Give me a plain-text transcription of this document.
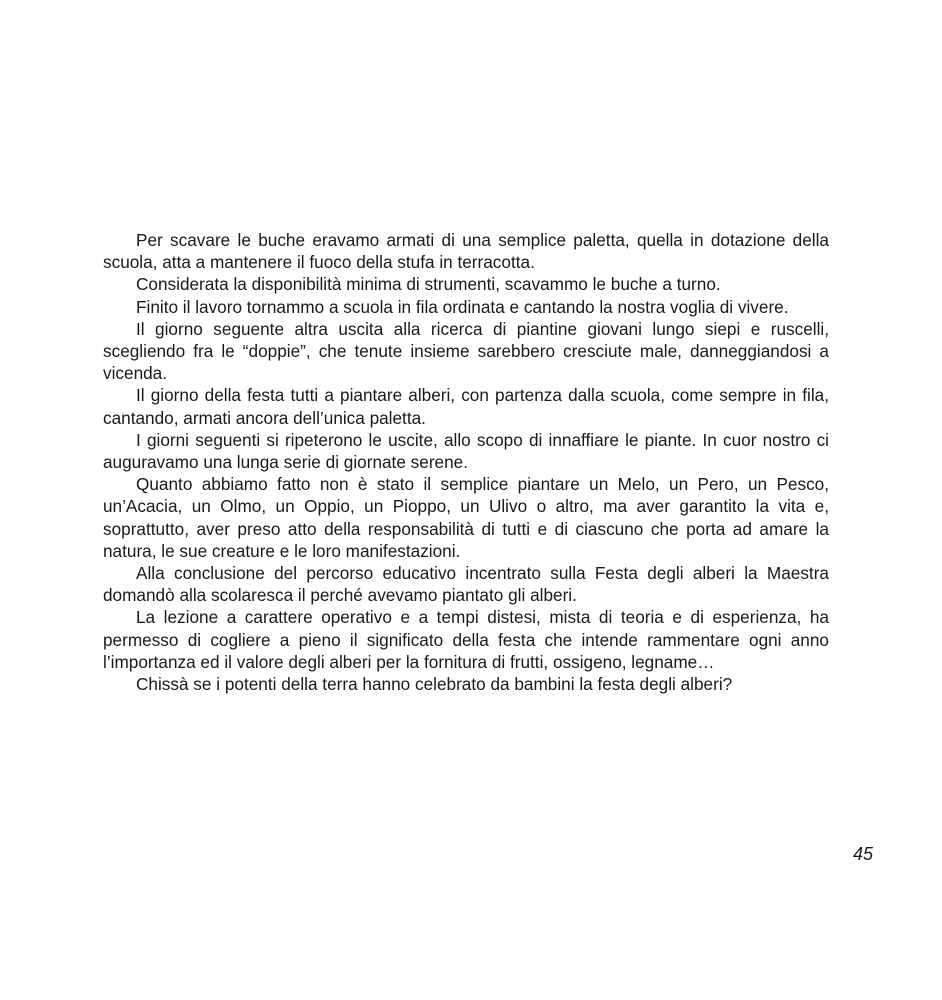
Per scavare le buche eravamo armati di una semplice paletta, quella in dotazione della scuola, atta a mantenere il fuoco della stufa in terracotta.

Considerata la disponibilità minima di strumenti, scavammo le buche a turno.

Finito il lavoro tornammo a scuola in fila ordinata e cantando la nostra voglia di vivere.

Il giorno seguente altra uscita alla ricerca di piantine giovani lungo siepi e ruscelli, scegliendo fra le “doppie”, che tenute insieme sarebbero cresciute male, danneggiandosi a vicenda.

Il giorno della festa tutti a piantare alberi, con partenza dalla scuola, come sempre in fila, cantando, armati ancora dell’unica paletta.

I giorni seguenti si ripeterono le uscite, allo scopo di innaffiare le piante. In cuor nostro ci auguravamo una lunga serie di giornate serene.

Quanto abbiamo fatto non è stato il semplice piantare un Melo, un Pero, un Pesco, un’Acacia, un Olmo, un Oppio, un Pioppo, un Ulivo o altro, ma aver garantito la vita e, soprattutto, aver preso atto della responsabilità di tutti e di ciascuno che porta ad amare la natura, le sue creature e le loro manifestazioni.

Alla conclusione del percorso educativo incentrato sulla Festa degli alberi la Maestra domandò alla scolaresca il perché avevamo piantato gli alberi.

La lezione a carattere operativo e a tempi distesi, mista di teoria e di esperienza, ha permesso di cogliere a pieno il significato della festa che intende rammentare ogni anno l’importanza ed il valore degli alberi per la fornitura di frutti, ossigeno, legname…

Chissà se i potenti della terra hanno celebrato da bambini la festa degli alberi?

45
